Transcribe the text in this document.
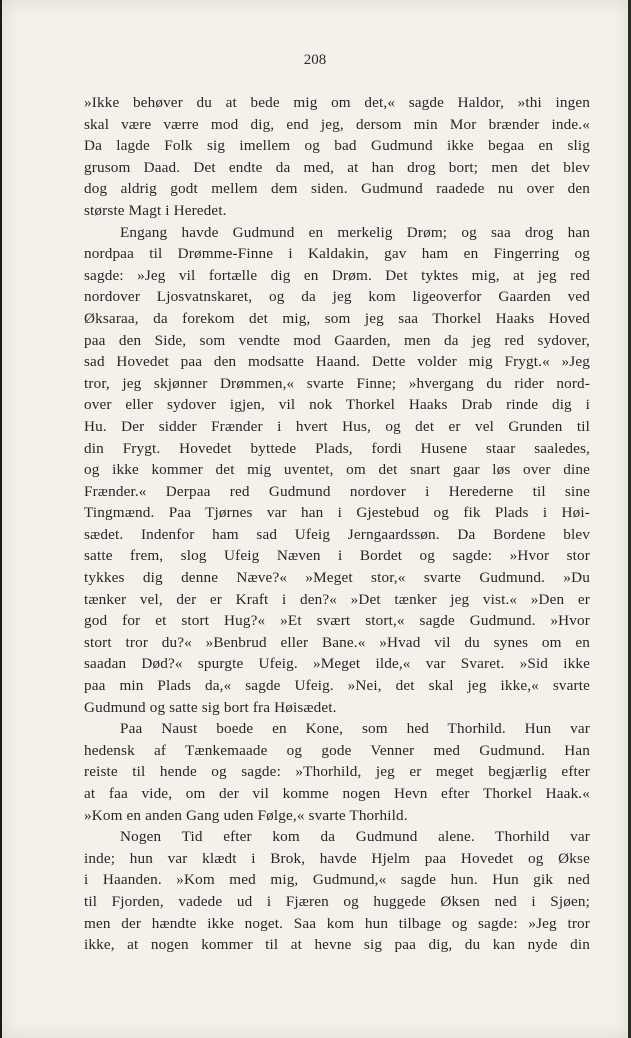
208
»Ikke behøver du at bede mig om det,« sagde Haldor, »thi ingen
skal være værre mod dig, end jeg, dersom min Mor brænder inde.«
Da lagde Folk sig imellem og bad Gudmund ikke begaa en slig
grusom Daad. Det endte da med, at han drog bort; men det blev
dog aldrig godt mellem dem siden. Gudmund raadede nu over den
største Magt i Heredet.
Engang havde Gudmund en merkelig Drøm; og saa drog han
nordpaa til Drømme-Finne i Kaldakin, gav ham en Fingerring og
sagde: »Jeg vil fortælle dig en Drøm. Det tyktes mig, at jeg red
nordover Ljosvatnskaret, og da jeg kom ligeoverfor Gaarden ved
Øksaraa, da forekom det mig, som jeg saa Thorkel Haaks Hoved
paa den Side, som vendte mod Gaarden, men da jeg red sydover,
sad Hovedet paa den modsatte Haand. Dette volder mig Frygt.« »Jeg
tror, jeg skjønner Drømmen,« svarte Finne; »hvergang du rider nord-
over eller sydover igjen, vil nok Thorkel Haaks Drab rinde dig i
Hu. Der sidder Frænder i hvert Hus, og det er vel Grunden til
din Frygt. Hovedet byttede Plads, fordi Husene staar saaledes,
og ikke kommer det mig uventet, om det snart gaar løs over dine
Frænder.« Derpaa red Gudmund nordover i Herederne til sine
Tingmænd. Paa Tjørnes var han i Gjestebud og fik Plads i Høi-
sædet. Indenfor ham sad Ufeig Jerngaardssøn. Da Bordene blev
satte frem, slog Ufeig Næven i Bordet og sagde: »Hvor stor
tykkes dig denne Næve?« »Meget stor,« svarte Gudmund. »Du
tænker vel, der er Kraft i den?« »Det tænker jeg vist.« »Den er
god for et stort Hug?« »Et svært stort,« sagde Gudmund. »Hvor
stort tror du?« »Benbrud eller Bane.« »Hvad vil du synes om en
saadan Død?« spurgte Ufeig. »Meget ilde,« var Svaret. »Sid ikke
paa min Plads da,« sagde Ufeig. »Nei, det skal jeg ikke,« svarte
Gudmund og satte sig bort fra Høisædet.
Paa Naust boede en Kone, som hed Thorhild. Hun var
hedensk af Tænkemaade og gode Venner med Gudmund. Han
reiste til hende og sagde: »Thorhild, jeg er meget begjærlig efter
at faa vide, om der vil komme nogen Hevn efter Thorkel Haak.«
»Kom en anden Gang uden Følge,« svarte Thorhild.
Nogen Tid efter kom da Gudmund alene. Thorhild var
inde; hun var klædt i Brok, havde Hjelm paa Hovedet og Økse
i Haanden. »Kom med mig, Gudmund,« sagde hun. Hun gik ned
til Fjorden, vadede ud i Fjæren og huggede Øksen ned i Sjøen;
men der hændte ikke noget. Saa kom hun tilbage og sagde: »Jeg tror
ikke, at nogen kommer til at hevne sig paa dig, du kan nyde din
